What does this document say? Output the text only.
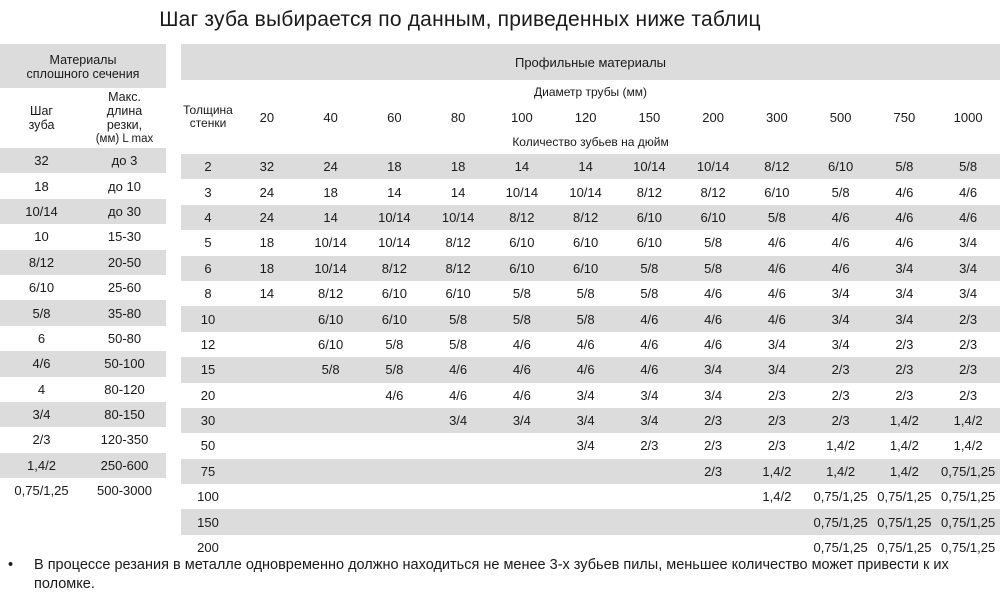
Шаг зуба выбирается по данным, приведенных ниже таблиц
Материалы
сплошного сечения
Шаг
зуба
Макс.
длина
резки,
(мм) L max
32	до 3
18	до 10
10/14	до 30
10	15-30
8/12	20-50
6/10	25-60
5/8	35-80
6	50-80
4/6	50-100
4	80-120
3/4	80-150
2/3	120-350
1,4/2	250-600
0,75/1,25	500-3000
Профильные материалы
Диаметр трубы (мм)
Толщина
стенки	20	40	60	80	100	120	150	200	300	500	750	1000
Количество зубьев на дюйм
2	32	24	18	18	14	14	10/14	10/14	8/12	6/10	5/8	5/8
3	24	18	14	14	10/14	10/14	8/12	8/12	6/10	5/8	4/6	4/6
4	24	14	10/14	10/14	8/12	8/12	6/10	6/10	5/8	4/6	4/6	4/6
5	18	10/14	10/14	8/12	6/10	6/10	6/10	5/8	4/6	4/6	4/6	3/4
6	18	10/14	8/12	8/12	6/10	6/10	5/8	5/8	4/6	4/6	3/4	3/4
8	14	8/12	6/10	6/10	5/8	5/8	5/8	4/6	4/6	3/4	3/4	3/4
10		6/10	6/10	5/8	5/8	5/8	4/6	4/6	4/6	3/4	3/4	2/3
12		6/10	5/8	5/8	4/6	4/6	4/6	4/6	3/4	3/4	2/3	2/3
15		5/8	5/8	4/6	4/6	4/6	4/6	3/4	3/4	2/3	2/3	2/3
20			4/6	4/6	4/6	3/4	3/4	3/4	2/3	2/3	2/3	2/3
30				3/4	3/4	3/4	3/4	2/3	2/3	2/3	1,4/2	1,4/2
50						3/4	2/3	2/3	2/3	1,4/2	1,4/2	1,4/2
75								2/3	1,4/2	1,4/2	1,4/2	0,75/1,25
100									1,4/2	0,75/1,25	0,75/1,25	0,75/1,25
150										0,75/1,25	0,75/1,25	0,75/1,25
200										0,75/1,25	0,75/1,25	0,75/1,25
•	В процессе резания в металле одновременно должно находиться не менее 3-х зубьев пилы, меньшее количество может привести к их поломке.
